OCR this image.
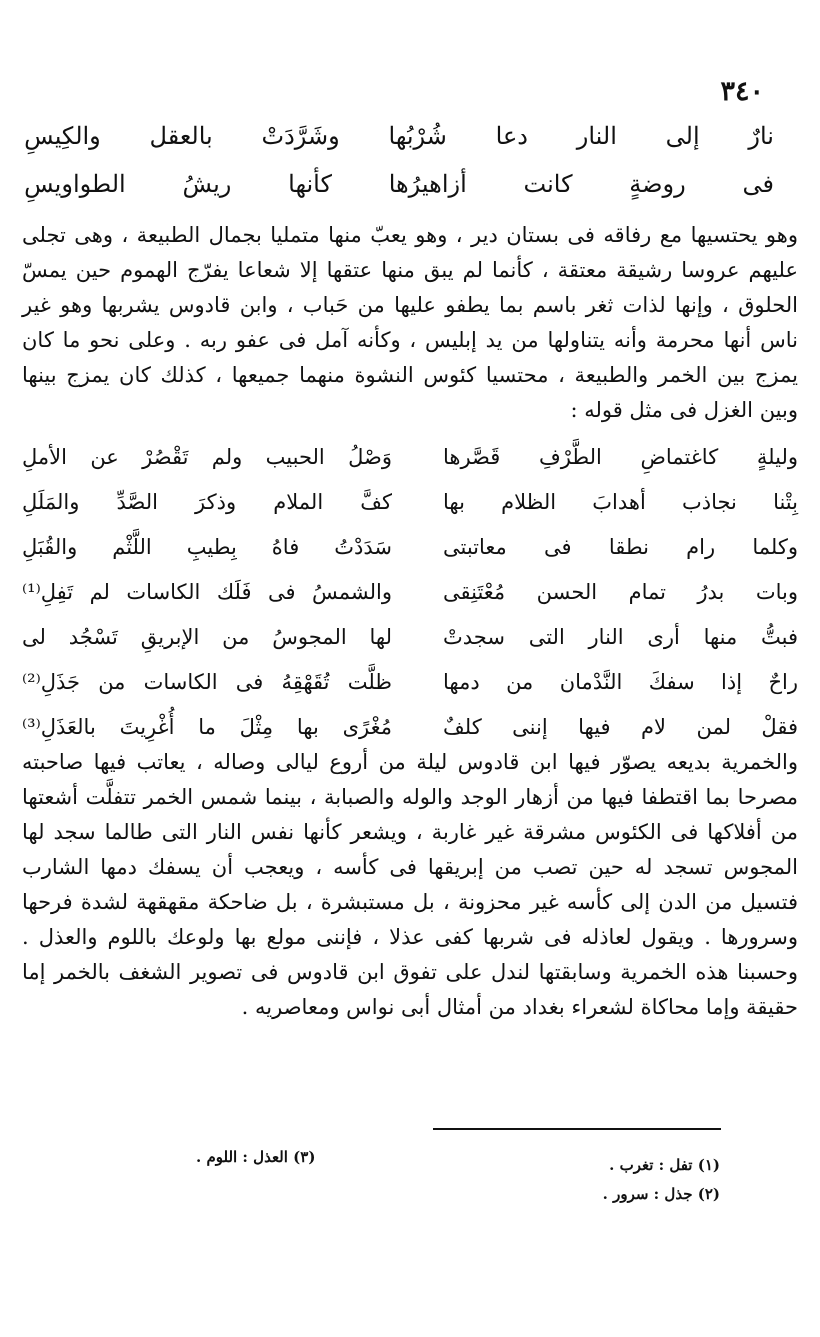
٣٤٠
نارٌ
إلى
النار
دعا
شُرْبُها
وشَرَّدَتْ
بالعقل
والكِيسِ
فى
روضةٍ
كانت
أزاهيرُها
كأنها
ريشُ
الطواويسِ

وهو يحتسيها مع رفاقه فى بستان دير ، وهو يعبّ منها متمليا بجمال الطبيعة ، وهى تجلى عليهم عروسا رشيقة معتقة ، كأنما لم يبق منها عتقها إلا شعاعا يفرّج الهموم حين يمسّ الحلوق ، وإنها لذات ثغر باسم بما يطفو عليها من حَباب ، وابن قادوس يشربها وهو غير ناس أنها محرمة وأنه يتناولها من يد إبليس ، وكأنه آمل فى عفو ربه . وعلى نحو ما كان يمزج بين الخمر والطبيعة ، محتسيا كئوس النشوة منهما جميعها ، كذلك كان يمزج بينها وبين الغزل فى مثل قوله :

وليلةٍ كاغتماضِ الطَّرْفِ قَصَّرها
وَصْلُ الحبيب ولم تَقْصُرْ عن الأملِ
بِتْنا نجاذب أهدابَ الظلام بها
كفَّ الملام وذكرَ الصَّدِّ والمَلَلِ
وكلما رام نطقا فى معاتبتى
سَدَدْتُ فاهُ بِطيبِ اللَّثْم والقُبَلِ
وبات بدرُ تمام الحسن مُعْتَنِقى
والشمسُ فى فَلَك الكاسات لم تَفِلِ⁽¹⁾
فبتُّ منها أرى النار التى سجدتْ
لها المجوسُ من الإبريقِ تَسْجُد لى
راحٌ إذا سفكَ النَّدْمان من دمها
ظلَّت تُقَهْقِهُ فى الكاسات من جَذَلِ⁽²⁾
فقلْ لمن لام فيها إننى كلفٌ
مُغْرًى بها مِثْلَ ما أُغْرِيتَ بالعَذَلِ⁽³⁾

والخمرية بديعه يصوّر فيها ابن قادوس ليلة من أروع ليالى وصاله ، يعاتب فيها صاحبته مصرحا بما اقتطفا فيها من أزهار الوجد والوله والصبابة ، بينما شمس الخمر تتفلَّت أشعتها من أفلاكها فى الكئوس مشرقة غير غاربة ، ويشعر كأنها نفس النار التى طالما سجد لها المجوس تسجد له حين تصب من إبريقها فى كأسه ، ويعجب أن يسفك دمها الشارب فتسيل من الدن إلى كأسه غير محزونة ، بل مستبشرة ، بل ضاحكة مقهقهة لشدة فرحها وسرورها . ويقول لعاذله فى شربها كفى عذلا ، فإننى مولع بها ولوعك باللوم والعذل . وحسبنا هذه الخمرية وسابقتها لندل على تفوق ابن قادوس فى تصوير الشغف بالخمر إما حقيقة وإما محاكاة لشعراء بغداد من أمثال أبى نواس ومعاصريه .

(١) تفل : تغرب .
(٢) جذل : سرور .
(٣) العذل : اللوم .
